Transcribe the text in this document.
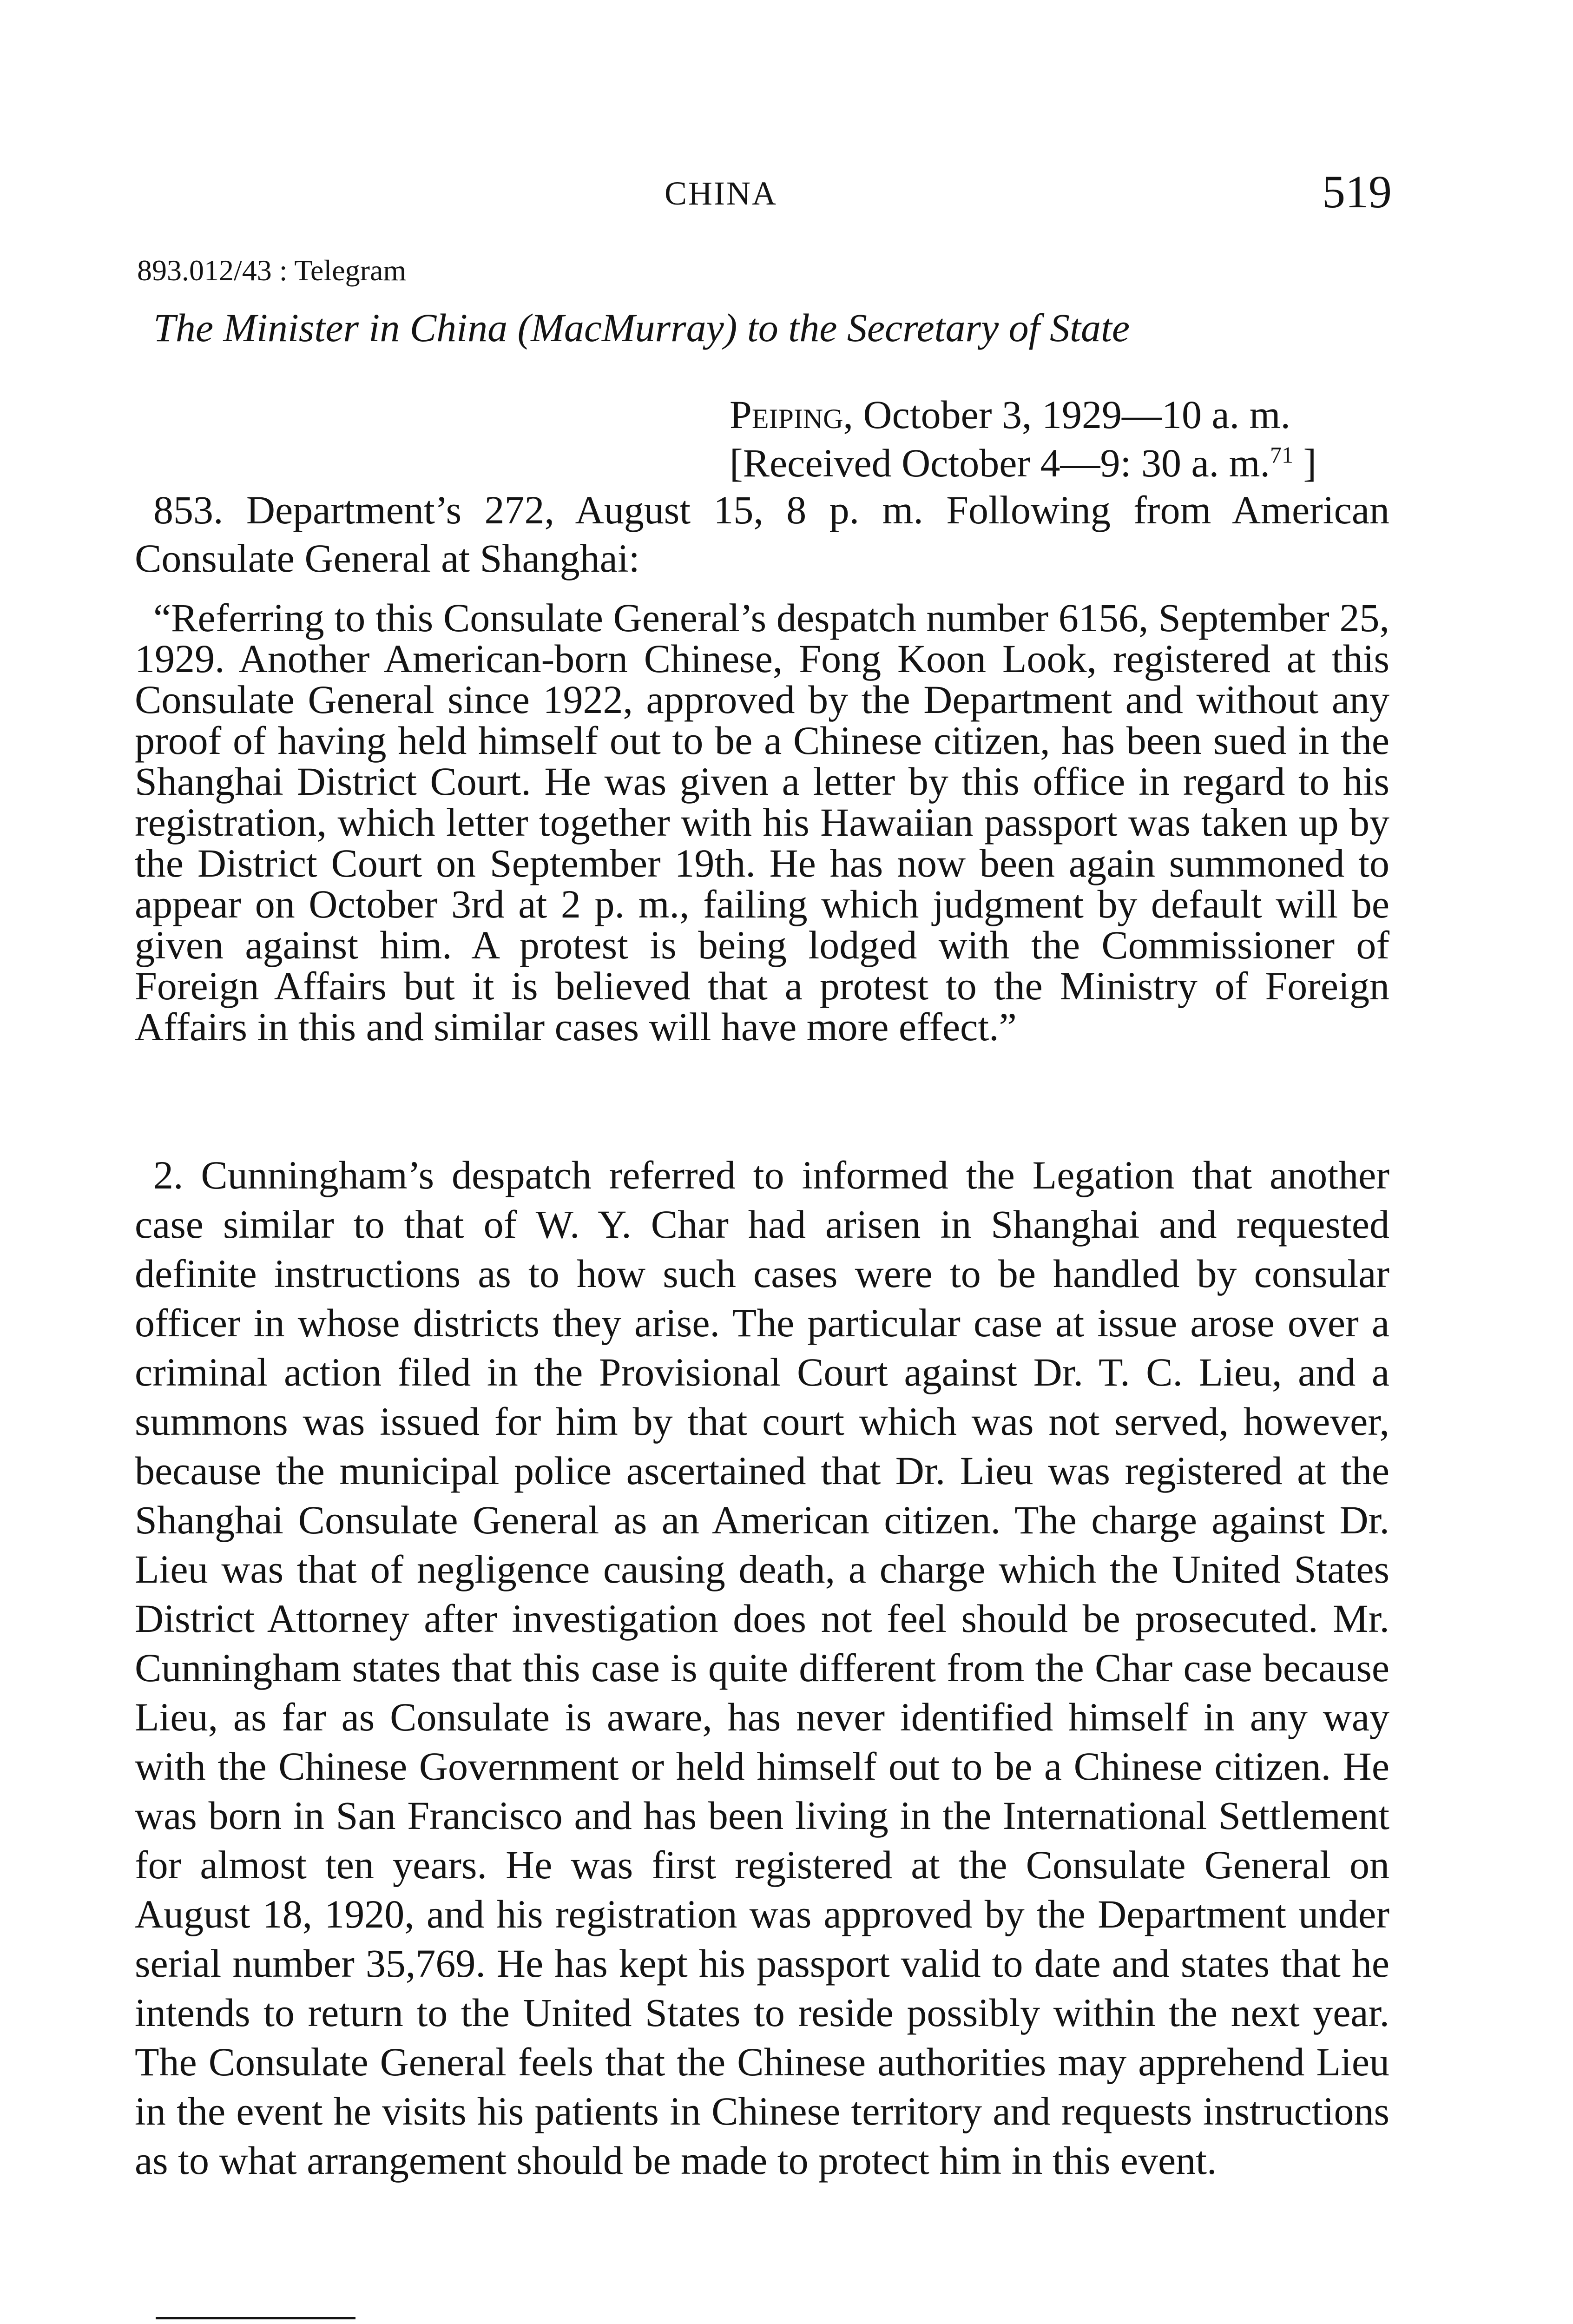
CHINA	519
893.012/43 : Telegram
The Minister in China (MacMurray) to the Secretary of State
Peiping, October 3, 1929—10 a. m.
[Received October 4—9: 30 a. m.$^{71}$ ]
853. Department’s 272, August 15, 8 p. m. Following from American Consulate General at Shanghai:
“Referring to this Consulate General’s despatch number 6156, September 25, 1929. Another American-born Chinese, Fong Koon Look, registered at this Consulate General since 1922, approved by the Department and without any proof of having held himself out to be a Chinese citizen, has been sued in the Shanghai District Court. He was given a letter by this office in regard to his registration, which letter together with his Hawaiian passport was taken up by the District Court on September 19th. He has now been again summoned to appear on October 3rd at 2 p. m., failing which judgment by default will be given against him. A protest is being lodged with the Commissioner of Foreign Affairs but it is believed that a protest to the Ministry of Foreign Affairs in this and similar cases will have more effect.”
2. Cunningham’s despatch referred to informed the Legation that another case similar to that of W. Y. Char had arisen in Shanghai and requested definite instructions as to how such cases were to be handled by consular officer in whose districts they arise. The particular case at issue arose over a criminal action filed in the Provisional Court against Dr. T. C. Lieu, and a summons was issued for him by that court which was not served, however, because the municipal police ascertained that Dr. Lieu was registered at the Shanghai Consulate General as an American citizen. The charge against Dr. Lieu was that of negligence causing death, a charge which the United States District Attorney after investigation does not feel should be prosecuted. Mr. Cunningham states that this case is quite different from the Char case because Lieu, as far as Consulate is aware, has never identified himself in any way with the Chinese Government or held himself out to be a Chinese citizen. He was born in San Francisco and has been living in the International Settlement for almost ten years. He was first registered at the Consulate General on August 18, 1920, and his registration was approved by the Department under serial number 35,769. He has kept his passport valid to date and states that he intends to return to the United States to reside possibly within the next year. The Consulate General feels that the Chinese authorities may apprehend Lieu in the event he visits his patients in Chinese territory and requests instructions as to what arrangement should be made to protect him in this event.
